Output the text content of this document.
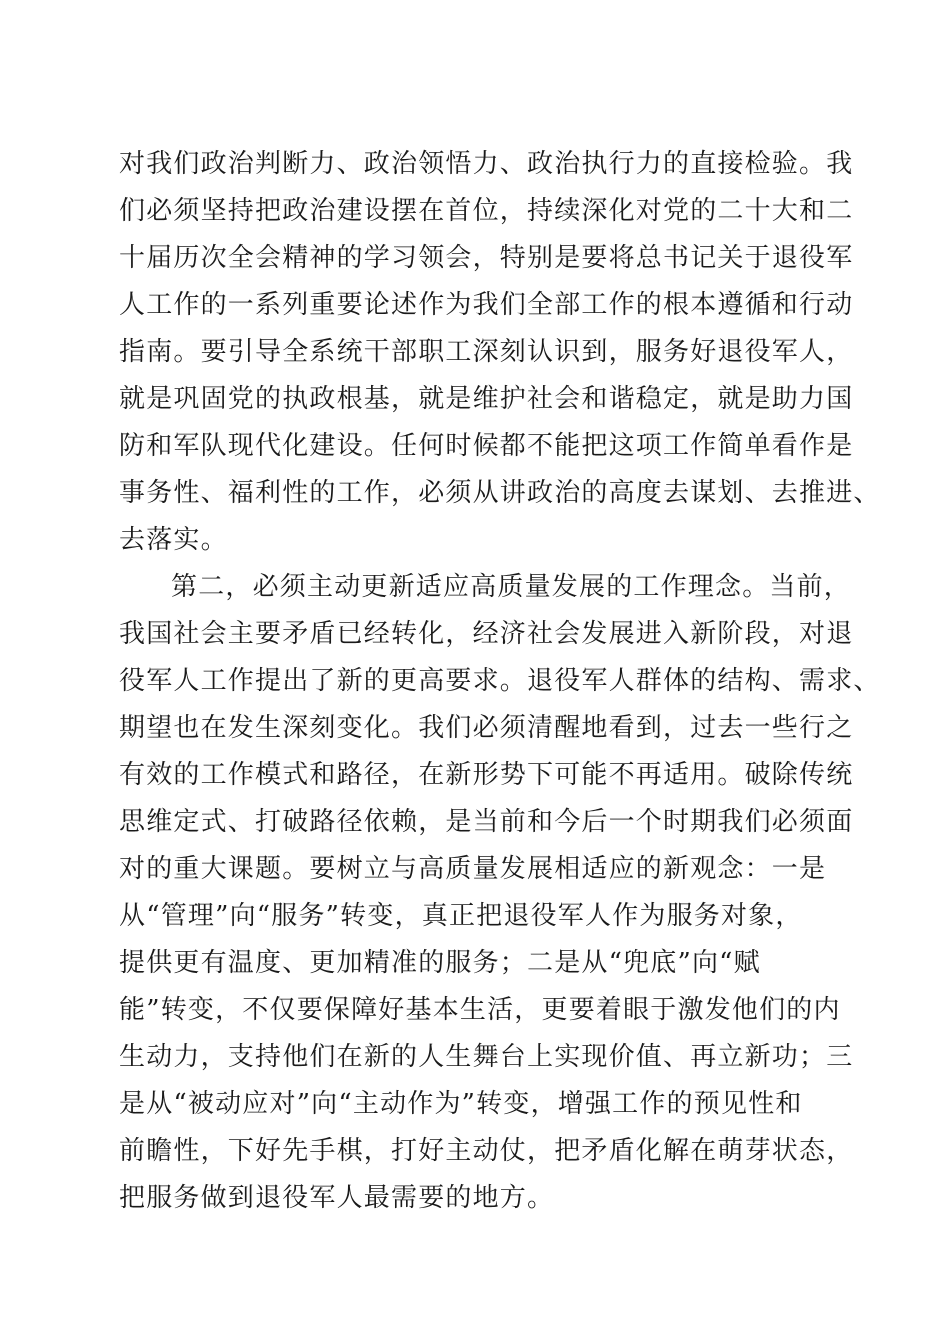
对我们政治判断力、政治领悟力、政治执行力的直接检验。我
们必须坚持把政治建设摆在首位，持续深化对党的二十大和二
十届历次全会精神的学习领会，特别是要将总书记关于退役军
人工作的一系列重要论述作为我们全部工作的根本遵循和行动
指南。要引导全系统干部职工深刻认识到，服务好退役军人，
就是巩固党的执政根基，就是维护社会和谐稳定，就是助力国
防和军队现代化建设。任何时候都不能把这项工作简单看作是
事务性、福利性的工作，必须从讲政治的高度去谋划、去推进、
去落实。
第二，必须主动更新适应高质量发展的工作理念。当前，
我国社会主要矛盾已经转化，经济社会发展进入新阶段，对退
役军人工作提出了新的更高要求。退役军人群体的结构、需求、
期望也在发生深刻变化。我们必须清醒地看到，过去一些行之
有效的工作模式和路径，在新形势下可能不再适用。破除传统
思维定式、打破路径依赖，是当前和今后一个时期我们必须面
对的重大课题。要树立与高质量发展相适应的新观念：一是
从“管理”向“服务”转变，真正把退役军人作为服务对象，
提供更有温度、更加精准的服务；二是从“兜底”向“赋
能”转变，不仅要保障好基本生活，更要着眼于激发他们的内
生动力，支持他们在新的人生舞台上实现价值、再立新功；三
是从“被动应对”向“主动作为”转变，增强工作的预见性和
前瞻性，下好先手棋，打好主动仗，把矛盾化解在萌芽状态，
把服务做到退役军人最需要的地方。
